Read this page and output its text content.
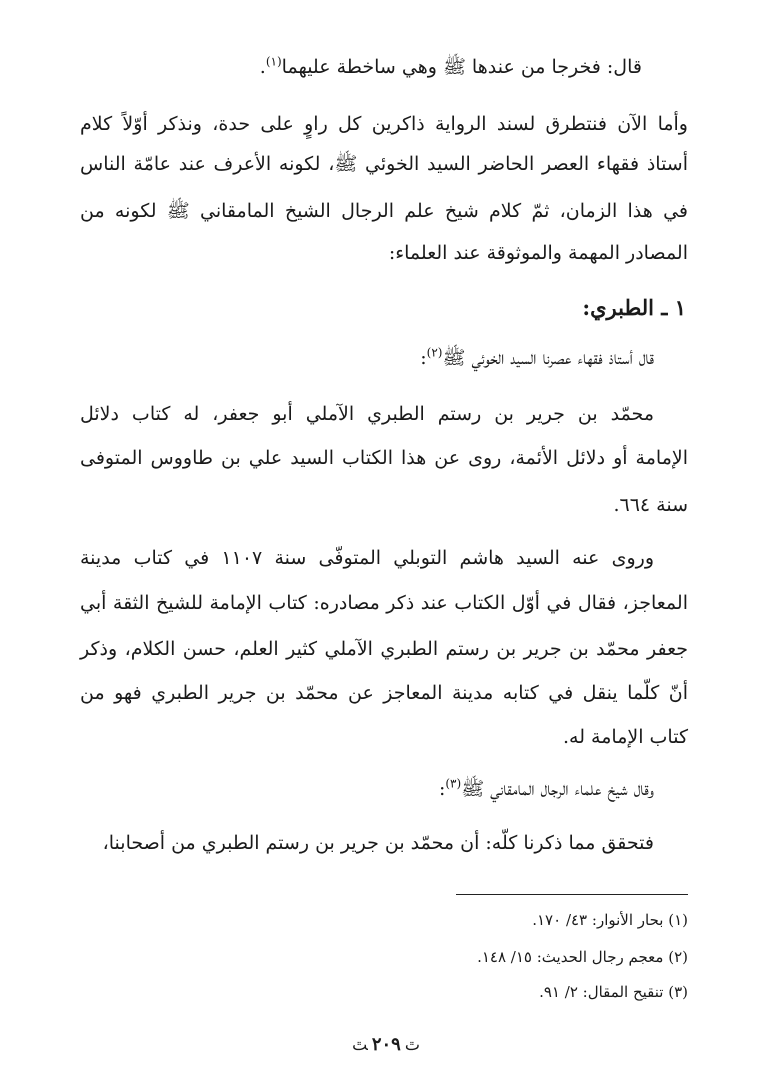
قال: فخرجا من عندها ﷺ وهي ساخطة عليهما$^{(١)}$.
وأما الآن فنتطرق لسند الرواية ذاكرين كل راوٍ على حدة، ونذكر أوّلاً كلام
أستاذ فقهاء العصر الحاضر السيد الخوئي ﷺ، لكونه الأعرف عند عامّة الناس
في هذا الزمان، ثمّ كلام شيخ علم الرجال الشيخ المامقاني ﷺ لكونه من
المصادر المهمة والموثوقة عند العلماء:
١ ـ الطبري:
قال أستاذ فقهاء عصرنا السيد الخوئي ﷺ$^{(٢)}$:
محمّد بن جرير بن رستم الطبري الآملي أبو جعفر، له كتاب دلائل
الإمامة أو دلائل الأئمة، روى عن هذا الكتاب السيد علي بن طاووس المتوفى
سنة ٦٦٤.
وروى عنه السيد هاشم التوبلي المتوفّى سنة ١١٠٧ في كتاب مدينة
المعاجز، فقال في أوّل الكتاب عند ذكر مصادره: كتاب الإمامة للشيخ الثقة أبي
جعفر محمّد بن جرير بن رستم الطبري الآملي كثير العلم، حسن الكلام، وذكر
أنّ كلّما ينقل في كتابه مدينة المعاجز عن محمّد بن جرير الطبري فهو من
كتاب الإمامة له.
وقال شيخ علماء الرجال المامقاني ﷺ$^{(٣)}$:
فتحقق مما ذكرنا كلّه: أن محمّد بن جرير بن رستم الطبري من أصحابنا،
(١) بحار الأنوار: ٤٣/ ١٧٠.
(٢) معجم رجال الحديث: ١٥/ ١٤٨.
(٣) تنقيح المقال: ٢/ ٩١.
ﭣ ٢٠٩ ﭢ
